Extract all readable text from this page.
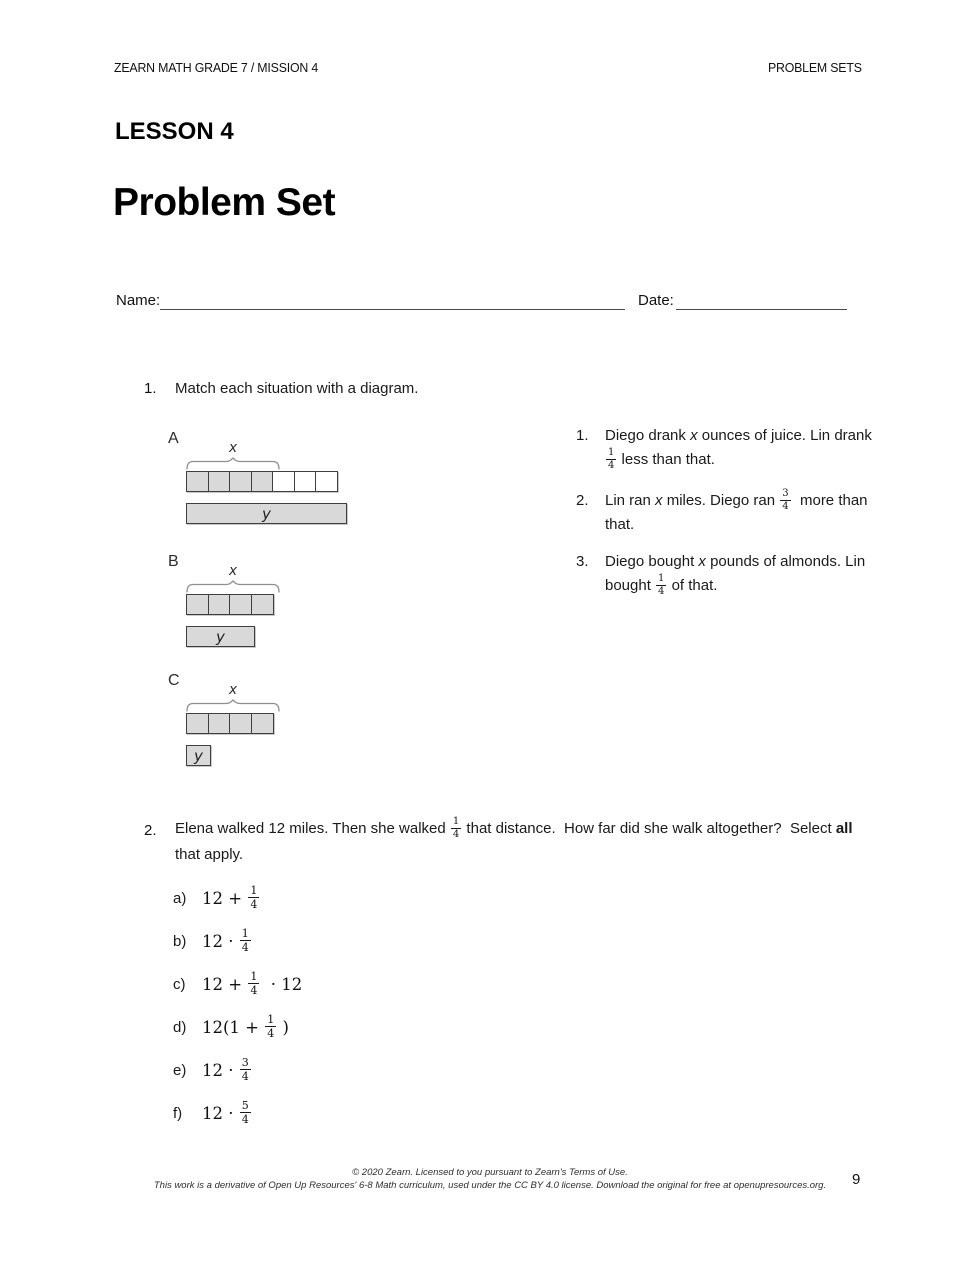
ZEARN MATH GRADE 7 / MISSION 4	PROBLEM SETS
LESSON 4
Problem Set
Name:	Date:
1. Match each situation with a diagram.
A
x
y
B
x
y
C
x
y
1.	Diego drank x ounces of juice. Lin drank
$\frac{1}{4}$ less than that.
2.	Lin ran x miles. Diego ran $\frac{3}{4}$ more than that.
3.	Diego bought x pounds of almonds. Lin bought $\frac{1}{4}$ of that.
2. Elena walked 12 miles. Then she walked $\frac{1}{4}$ that distance.  How far did she walk altogether?  Select all that apply.
a) $12 + \frac{1}{4}$
b) $12 \cdot \frac{1}{4}$
c)	$12 + \frac{1}{4} \cdot 12$
d) $12(1 + \frac{1}{4}$ )
e) $12 \cdot \frac{3}{4}$
f)	$12 \cdot \frac{5}{4}$
© 2020 Zearn. Licensed to you pursuant to Zearn's Terms of Use.
This work is a derivative of Open Up Resources' 6-8 Math curriculum, used under the CC BY 4.0 license. Download the original for free at openupresources.org.	9
